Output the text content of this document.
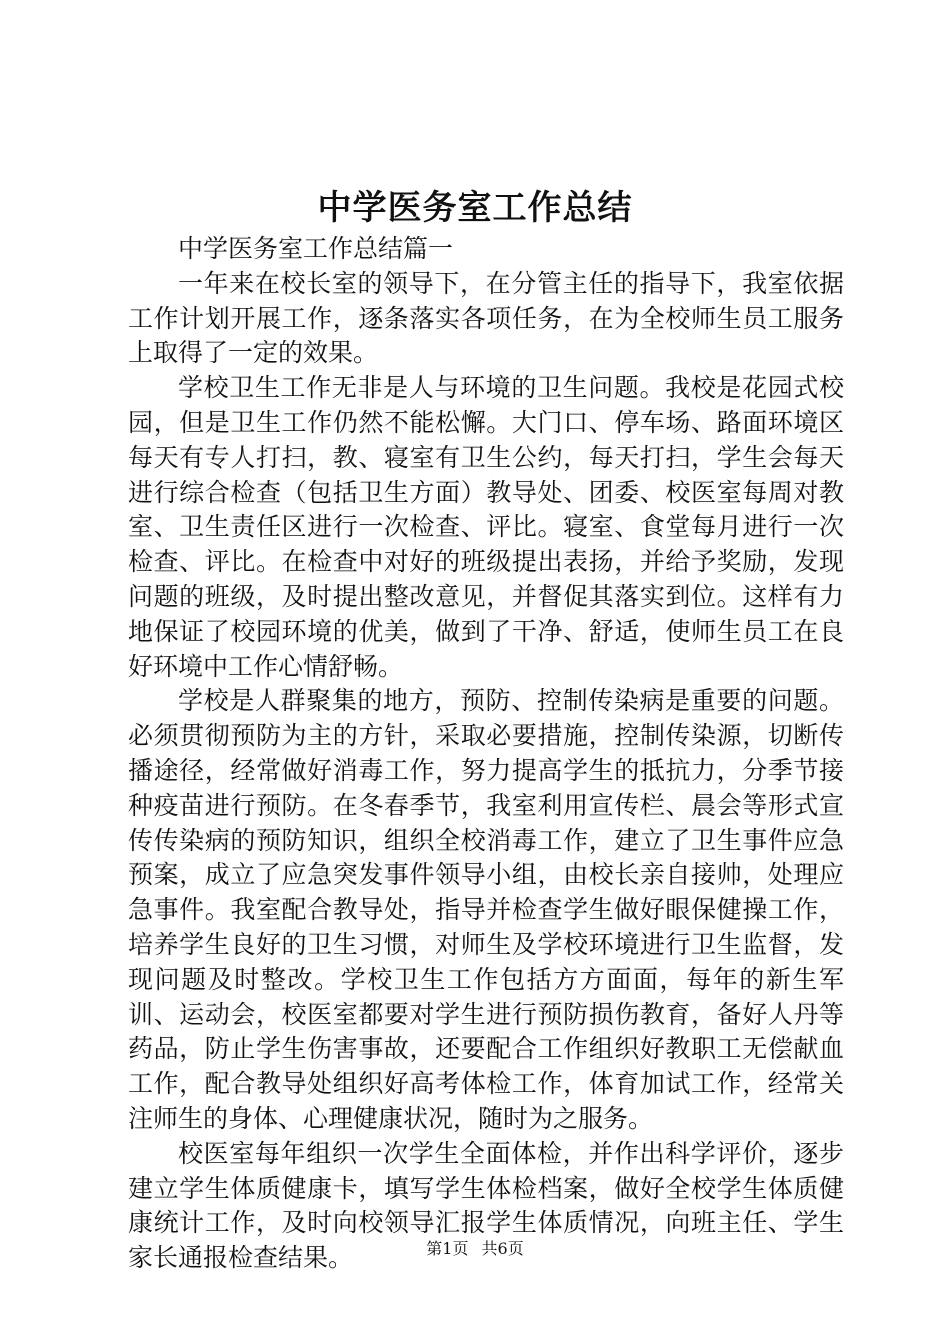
中学医务室工作总结

中学医务室工作总结篇一

一年来在校长室的领导下，在分管主任的指导下，我室依据工作计划开展工作，逐条落实各项任务，在为全校师生员工服务上取得了一定的效果。

学校卫生工作无非是人与环境的卫生问题。我校是花园式校园，但是卫生工作仍然不能松懈。大门口、停车场、路面环境区每天有专人打扫，教、寝室有卫生公约，每天打扫，学生会每天进行综合检查（包括卫生方面）教导处、团委、校医室每周对教室、卫生责任区进行一次检查、评比。寝室、食堂每月进行一次检查、评比。在检查中对好的班级提出表扬，并给予奖励，发现问题的班级，及时提出整改意见，并督促其落实到位。这样有力地保证了校园环境的优美，做到了干净、舒适，使师生员工在良好环境中工作心情舒畅。

学校是人群聚集的地方，预防、控制传染病是重要的问题。必须贯彻预防为主的方针，采取必要措施，控制传染源，切断传播途径，经常做好消毒工作，努力提高学生的抵抗力，分季节接种疫苗进行预防。在冬春季节，我室利用宣传栏、晨会等形式宣传传染病的预防知识，组织全校消毒工作，建立了卫生事件应急预案，成立了应急突发事件领导小组，由校长亲自接帅，处理应急事件。我室配合教导处，指导并检查学生做好眼保健操工作，培养学生良好的卫生习惯，对师生及学校环境进行卫生监督，发现问题及时整改。学校卫生工作包括方方面面，每年的新生军训、运动会，校医室都要对学生进行预防损伤教育，备好人丹等药品，防止学生伤害事故，还要配合工作组织好教职工无偿献血工作，配合教导处组织好高考体检工作，体育加试工作，经常关注师生的身体、心理健康状况，随时为之服务。

校医室每年组织一次学生全面体检，并作出科学评价，逐步建立学生体质健康卡，填写学生体检档案，做好全校学生体质健康统计工作，及时向校领导汇报学生体质情况，向班主任、学生家长通报检查结果。	第1页 共6页
